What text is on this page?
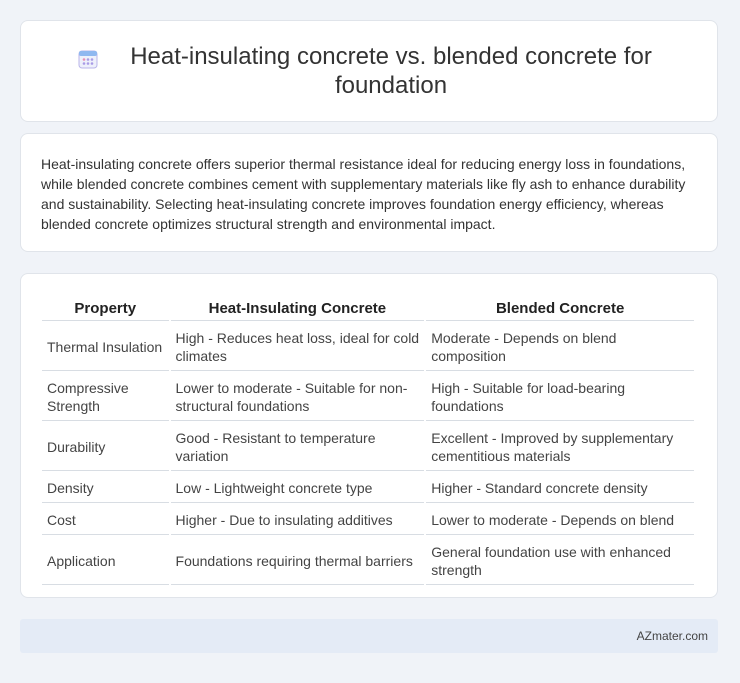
Heat-insulating concrete vs. blended concrete for foundation

Heat-insulating concrete offers superior thermal resistance ideal for reducing energy loss in foundations, while blended concrete combines cement with supplementary materials like fly ash to enhance durability and sustainability. Selecting heat-insulating concrete improves foundation energy efficiency, whereas blended concrete optimizes structural strength and environmental impact.

Property	Heat-Insulating Concrete	Blended Concrete
Thermal Insulation	High - Reduces heat loss, ideal for cold climates	Moderate - Depends on blend composition
Compressive Strength	Lower to moderate - Suitable for non-structural foundations	High - Suitable for load-bearing foundations
Durability	Good - Resistant to temperature variation	Excellent - Improved by supplementary cementitious materials
Density	Low - Lightweight concrete type	Higher - Standard concrete density
Cost	Higher - Due to insulating additives	Lower to moderate - Depends on blend
Application	Foundations requiring thermal barriers	General foundation use with enhanced strength
AZmater.com
